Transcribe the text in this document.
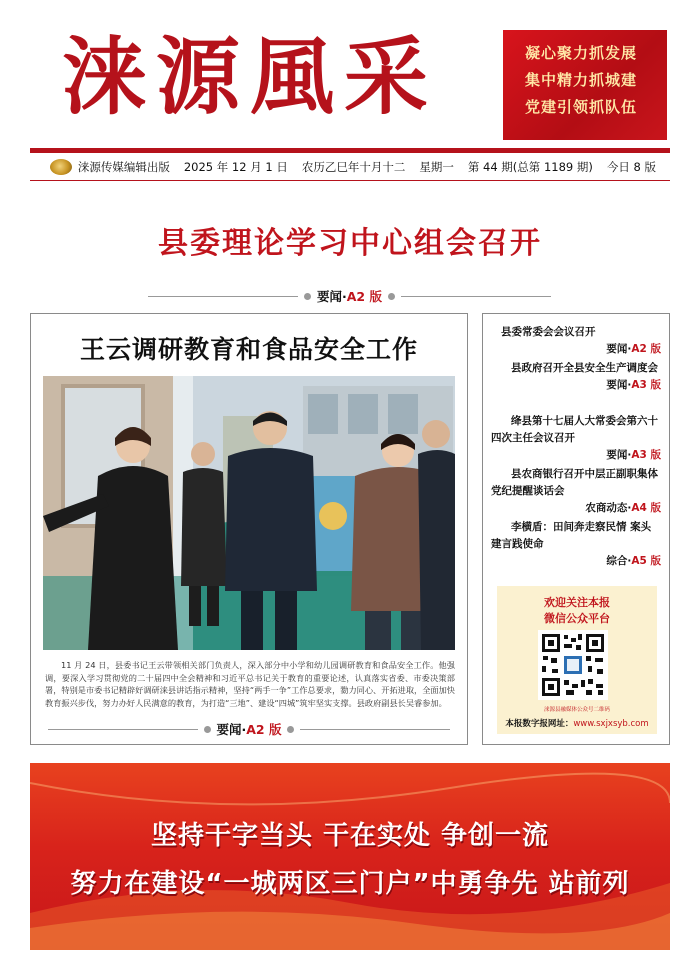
涞源風采	凝心聚力抓发展
集中精力抓城建
党建引领抓队伍
涞源传媒编辑出版 2025 年 12 月 1 日 农历乙巳年十月十二 星期一 第 44 期(总第 1189 期) 今日 8 版
县委理论学习中心组会召开
要闻· A2 版
王云调研教育和食品安全工作
11 月 24 日，县委书记王云带领相关部门负责人，深入部分中小学和幼儿园调研教育和食品安全工作。他强调，要深入学习贯彻党的二十届四中全会精神和习近平总书记关于教育的重要论述，认真落实省委、市委决策部署，特别是市委书记精辟好调研涞县讲话指示精神，坚持“两手一争”工作总要求，勠力同心、开拓进取，全面加快教育振兴步伐，努力办好人民满意的教育，为打造“三地”、建设“四城”筑牢坚实支撑。县政府副县长吴睿参加。
要闻· A2 版
县委常委会会议召开
要闻·A2 版
县政府召开全县安全生产调度会
要闻·A3 版
绛县第十七届人大常委会第六十四次主任会议召开
要闻·A3 版
县农商银行召开中层正副职集体党纪提醒谈话会
农商动态·A4 版
李横盾：田间奔走察民情 案头建言践使命
综合·A5 版
欢迎关注本报
微信公众平台
涞源县融媒体公众号二维码
本报数字报网址：www.sxjxsyb.com
坚持干字当头 干在实处 争创一流
努力在建设“一城两区三门户”中勇争先 站前列
